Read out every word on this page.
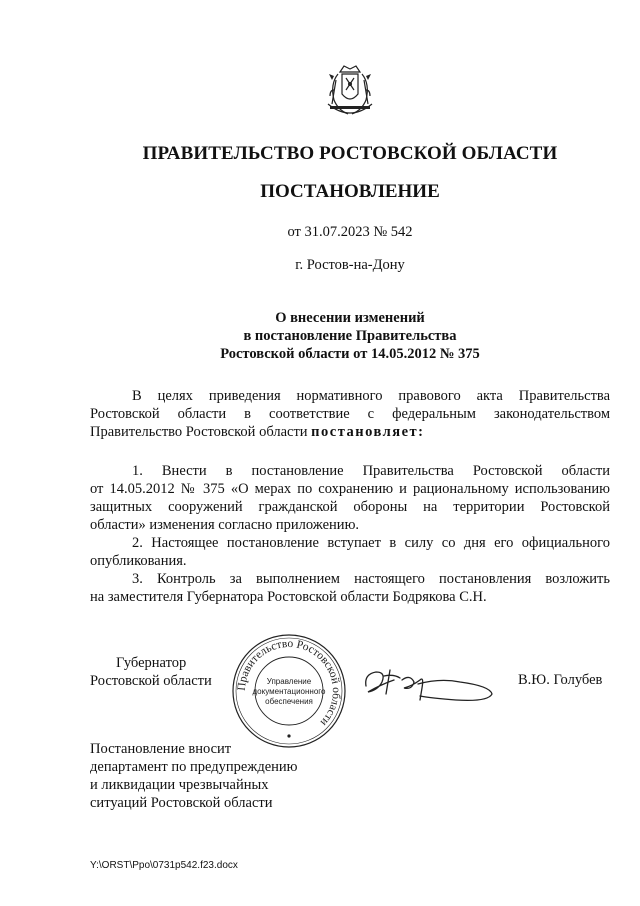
ПРАВИТЕЛЬСТВО РОСТОВСКОЙ ОБЛАСТИ
ПОСТАНОВЛЕНИЕ
от 31.07.2023 № 542
г. Ростов-на-Дону
О внесении изменений
в постановление Правительства
Ростовской области от 14.05.2012 № 375
В целях приведения нормативного правового акта Правительства
Ростовской области в соответствие с федеральным законодательством
Правительство Ростовской области постановляет:
1. Внести в постановление Правительства Ростовской области
от 14.05.2012 № 375 «О мерах по сохранению и рациональному использованию
защитных сооружений гражданской обороны на территории Ростовской
области» изменения согласно приложению.
2. Настоящее постановление вступает в силу со дня его официального
опубликования.
3. Контроль за выполнением настоящего постановления возложить
на заместителя Губернатора Ростовской области Бодрякова С.Н.
Губернатор
Ростовской области Правительство Ростовской области
Управление
документационного
обеспечения
В.Ю. Голубев
Постановление вносит
департамент по предупреждению
и ликвидации чрезвычайных
ситуаций Ростовской области
Y:\ORST\Ppo\0731p542.f23.docx
